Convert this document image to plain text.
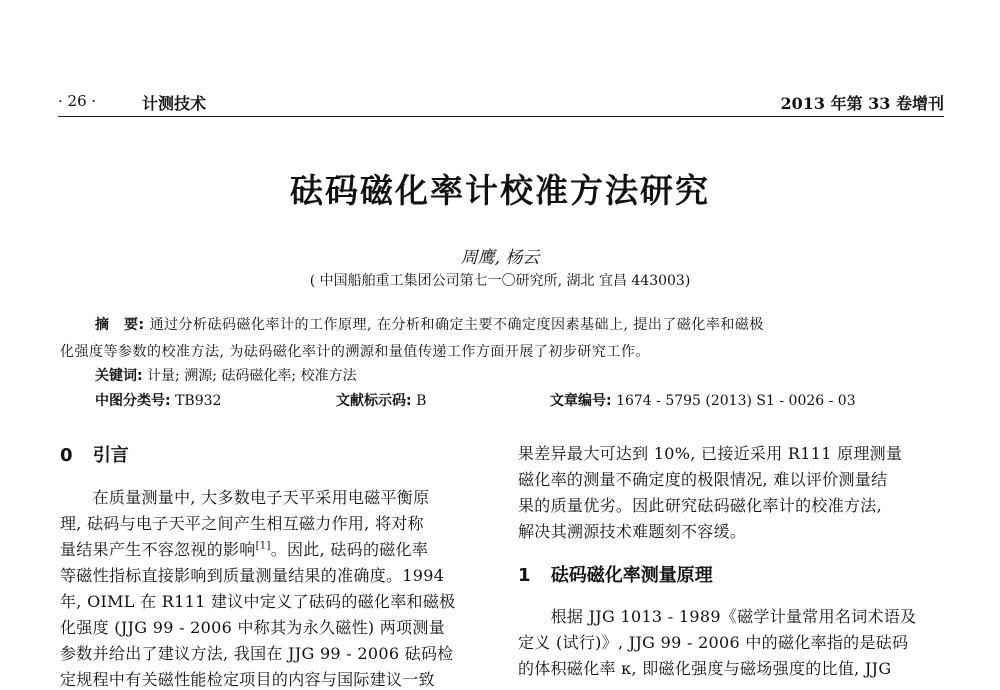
· 26 ·	计测技术	2013 年第 33 卷增刊
砝码磁化率计校准方法研究
周鹰, 杨云
( 中国船舶重工集团公司第七一〇研究所, 湖北 宜昌 443003)
摘　要: 通过分析砝码磁化率计的工作原理, 在分析和确定主要不确定度因素基础上, 提出了磁化率和磁极
化强度等参数的校准方法, 为砝码磁化率计的溯源和量值传递工作方面开展了初步研究工作。
关键词: 计量; 溯源; 砝码磁化率; 校准方法
中图分类号: TB932	文献标示码: B	文章编号: 1674 - 5795 (2013) S1 - 0026 - 03
0 引言
　　在质量测量中, 大多数电子天平采用电磁平衡原
理, 砝码与电子天平之间产生相互磁力作用, 将对称
量结果产生不容忽视的影响[1]。因此, 砝码的磁化率
等磁性指标直接影响到质量测量结果的准确度。1994
年, OIML 在 R111 建议中定义了砝码的磁化率和磁极
化强度 (JJG 99 - 2006 中称其为永久磁性) 两项测量
参数并给出了建议方法, 我国在 JJG 99 - 2006 砝码检
定规程中有关磁性能检定项目的内容与国际建议一致
果差异最大可达到 10%, 已接近采用 R111 原理测量
磁化率的测量不确定度的极限情况, 难以评价测量结
果的质量优劣。因此研究砝码磁化率计的校准方法,
解决其溯源技术难题刻不容缓。
1 砝码磁化率测量原理
　　根据 JJG 1013 - 1989《磁学计量常用名词术语及
定义 (试行)》, JJG 99 - 2006 中的磁化率指的是砝码
的体积磁化率 κ, 即磁化强度与磁场强度的比值, JJG
